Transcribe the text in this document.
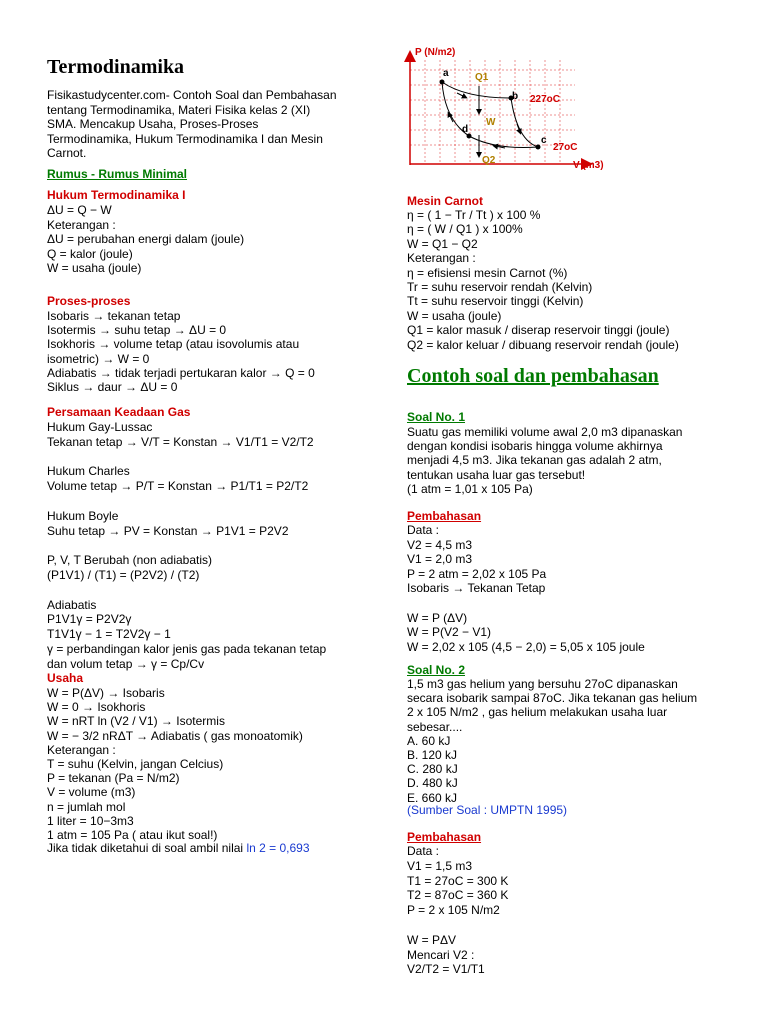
Termodinamika
Fisikastudycenter.com- Contoh Soal dan Pembahasan
tentang Termodinamika, Materi Fisika kelas 2 (XI)
SMA. Mencakup Usaha, Proses-Proses
Termodinamika, Hukum Termodinamika I dan Mesin
Carnot.
Rumus - Rumus Minimal
Hukum Termodinamika I
ΔU = Q − W
Keterangan :
ΔU = perubahan energi dalam (joule)
Q = kalor (joule)
W = usaha (joule)
Proses-proses
Isobaris → tekanan tetap
Isotermis → suhu tetap → ΔU = 0
Isokhoris → volume tetap (atau isovolumis atau
isometric) → W = 0
Adiabatis → tidak terjadi pertukaran kalor → Q = 0
Siklus → daur → ΔU = 0
Persamaan Keadaan Gas
Hukum Gay-Lussac
Tekanan tetap → V/T = Konstan → V1/T1 = V2/T2
Hukum Charles
Volume tetap → P/T = Konstan → P1/T1 = P2/T2
Hukum Boyle
Suhu tetap → PV = Konstan → P1V1 = P2V2
P, V, T Berubah (non adiabatis)
(P1V1) / (T1) = (P2V2) / (T2)
Adiabatis
P1V1γ = P2V2γ
T1V1γ − 1 = T2V2γ − 1
γ = perbandingan kalor jenis gas pada tekanan tetap
dan volum tetap → γ = Cp/Cv
Usaha
W = P(ΔV) → Isobaris
W = 0 → Isokhoris
W = nRT ln (V2 / V1) → Isotermis
W = − 3/2 nRΔT → Adiabatis ( gas monoatomik)
Keterangan :
T = suhu (Kelvin, jangan Celcius)
P = tekanan (Pa = N/m2)
V = volume (m3)
n = jumlah mol
1 liter = 10−3m3
1 atm = 105 Pa ( atau ikut soal!)
Jika tidak diketahui di soal ambil nilai ln 2 = 0,693
P (N/m2)
V (m3)
a
b
c
d
Q1
Q2
W
227oC
27oC
Mesin Carnot
η = ( 1 − Tr / Tt ) x 100 %
η = ( W / Q1 ) x 100%
W = Q1 − Q2
Keterangan :
η = efisiensi mesin Carnot (%)
Tr = suhu reservoir rendah (Kelvin)
Tt = suhu reservoir tinggi (Kelvin)
W = usaha (joule)
Q1 = kalor masuk / diserap reservoir tinggi (joule)
Q2 = kalor keluar / dibuang reservoir rendah (joule)
Contoh soal dan pembahasan
Soal No. 1
Suatu gas memiliki volume awal 2,0 m3 dipanaskan
dengan kondisi isobaris hingga volume akhirnya
menjadi 4,5 m3. Jika tekanan gas adalah 2 atm,
tentukan usaha luar gas tersebut!
(1 atm = 1,01 x 105 Pa)
Pembahasan
Data :
V2 = 4,5 m3
V1 = 2,0 m3
P = 2 atm = 2,02 x 105 Pa
Isobaris → Tekanan Tetap
W = P (ΔV)
W = P(V2 − V1)
W = 2,02 x 105 (4,5 − 2,0) = 5,05 x 105 joule
Soal No. 2
1,5 m3 gas helium yang bersuhu 27oC dipanaskan
secara isobarik sampai 87oC. Jika tekanan gas helium
2 x 105 N/m2 , gas helium melakukan usaha luar
sebesar....
A. 60 kJ
B. 120 kJ
C. 280 kJ
D. 480 kJ
E. 660 kJ
(Sumber Soal : UMPTN 1995)
Pembahasan
Data :
V1 = 1,5 m3
T1 = 27oC = 300 K
T2 = 87oC = 360 K
P = 2 x 105 N/m2
W = PΔV
Mencari V2 :
V2/T2 = V1/T1
